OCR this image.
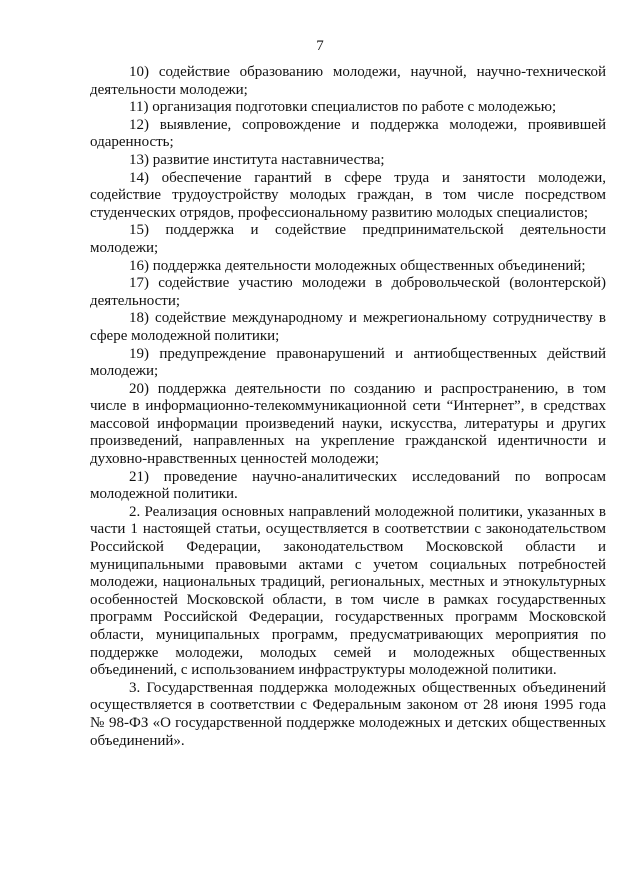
7

10) содействие образованию молодежи, научной, научно-технической деятельности молодежи;

11) организация подготовки специалистов по работе с молодежью;

12) выявление, сопровождение и поддержка молодежи, проявившей одаренность;

13) развитие института наставничества;

14) обеспечение гарантий в сфере труда и занятости молодежи, содействие трудоустройству молодых граждан, в том числе посредством студенческих отрядов, профессиональному развитию молодых специалистов;

15) поддержка и содействие предпринимательской деятельности молодежи;

16) поддержка деятельности молодежных общественных объединений;

17) содействие участию молодежи в добровольческой (волонтерской) деятельности;

18) содействие международному и межрегиональному сотрудничеству в сфере молодежной политики;

19) предупреждение правонарушений и антиобщественных действий молодежи;

20) поддержка деятельности по созданию и распространению, в том числе в информационно-телекоммуникационной сети “Интернет”, в средствах массовой информации произведений науки, искусства, литературы и других произведений, направленных на укрепление гражданской идентичности и духовно-нравственных ценностей молодежи;

21) проведение научно-аналитических исследований по вопросам молодежной политики.

2. Реализация основных направлений молодежной политики, указанных в части 1 настоящей статьи, осуществляется в соответствии с законодательством Российской Федерации, законодательством Московской области и муниципальными правовыми актами с учетом социальных потребностей молодежи, национальных традиций, региональных, местных и этнокультурных особенностей Московской области, в том числе в рамках государственных программ Российской Федерации, государственных программ Московской области, муниципальных программ, предусматривающих мероприятия по поддержке молодежи, молодых семей и молодежных общественных объединений, с использованием инфраструктуры молодежной политики.

3. Государственная поддержка молодежных общественных объединений осуществляется в соответствии с Федеральным законом от 28 июня 1995 года № 98-ФЗ «О государственной поддержке молодежных и детских общественных объединений».
